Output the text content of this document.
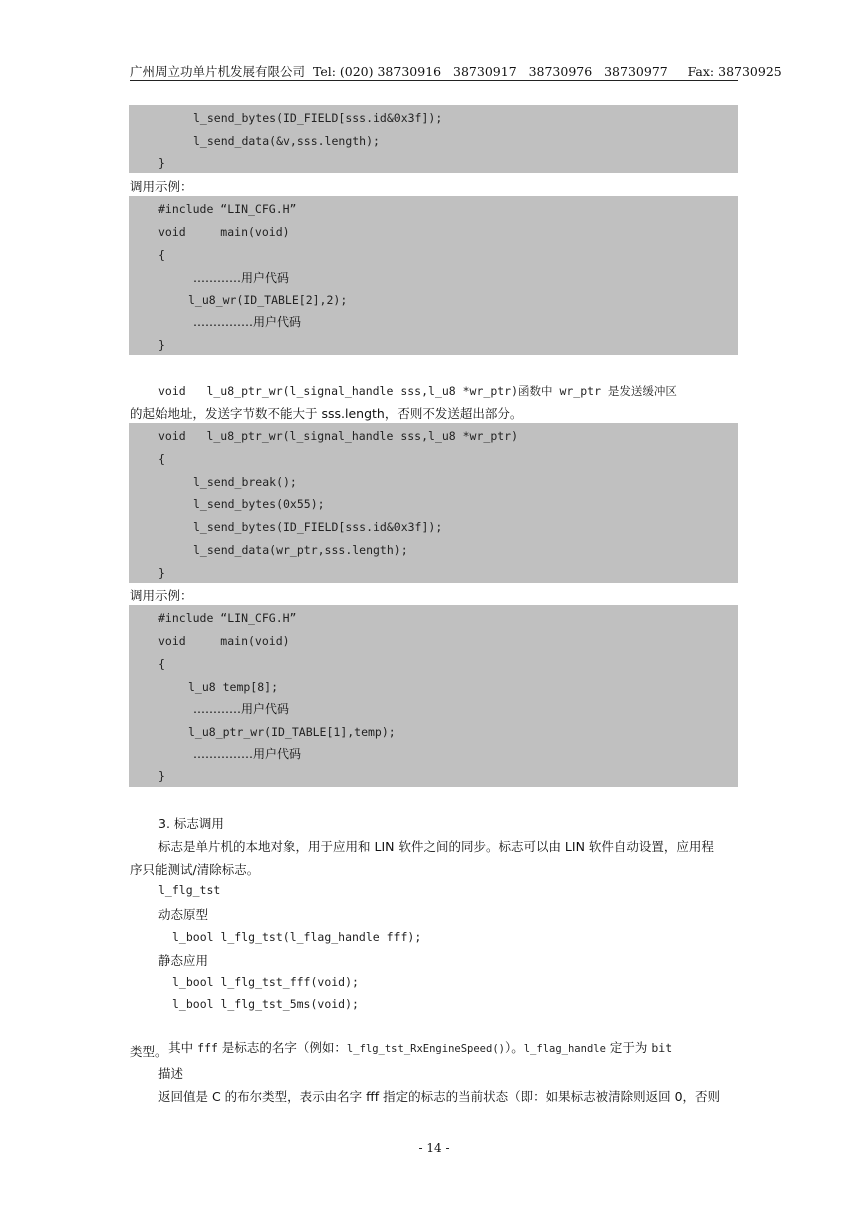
广州周立功单片机发展有限公司  Tel: (020) 38730916   38730917   38730976   38730977     Fax: 38730925
l_send_bytes(ID_FIELD[sss.id&0x3f]);
l_send_data(&v,sss.length);
}
调用示例：
#include “LIN_CFG.H”
void     main(void)
{
…………用户代码
l_u8_wr(ID_TABLE[2],2);
……………用户代码
}
void   l_u8_ptr_wr(l_signal_handle sss,l_u8 *wr_ptr)函数中 wr_ptr 是发送缓冲区
的起始地址，发送字节数不能大于 sss.length，否则不发送超出部分。
void   l_u8_ptr_wr(l_signal_handle sss,l_u8 *wr_ptr)
{
l_send_break();
l_send_bytes(0x55);
l_send_bytes(ID_FIELD[sss.id&0x3f]);
l_send_data(wr_ptr,sss.length);
}
调用示例：
#include “LIN_CFG.H”
void     main(void)
{
l_u8 temp[8];
…………用户代码
l_u8_ptr_wr(ID_TABLE[1],temp);
……………用户代码
}
3. 标志调用
标志是单片机的本地对象，用于应用和 LIN 软件之间的同步。标志可以由 LIN 软件自动设置，应用程
序只能测试/清除标志。
l_flg_tst
动态原型
l_bool l_flg_tst(l_flag_handle fff);
静态应用
l_bool l_flg_tst_fff(void);
l_bool l_flg_tst_5ms(void);

其中 fff 是标志的名字（例如：l_flg_tst_RxEngineSpeed()）。l_flag_handle 定于为 bit

类型。
描述
返回值是 C 的布尔类型，表示由名字 fff 指定的标志的当前状态（即：如果标志被清除则返回 0，否则
- 14 -
